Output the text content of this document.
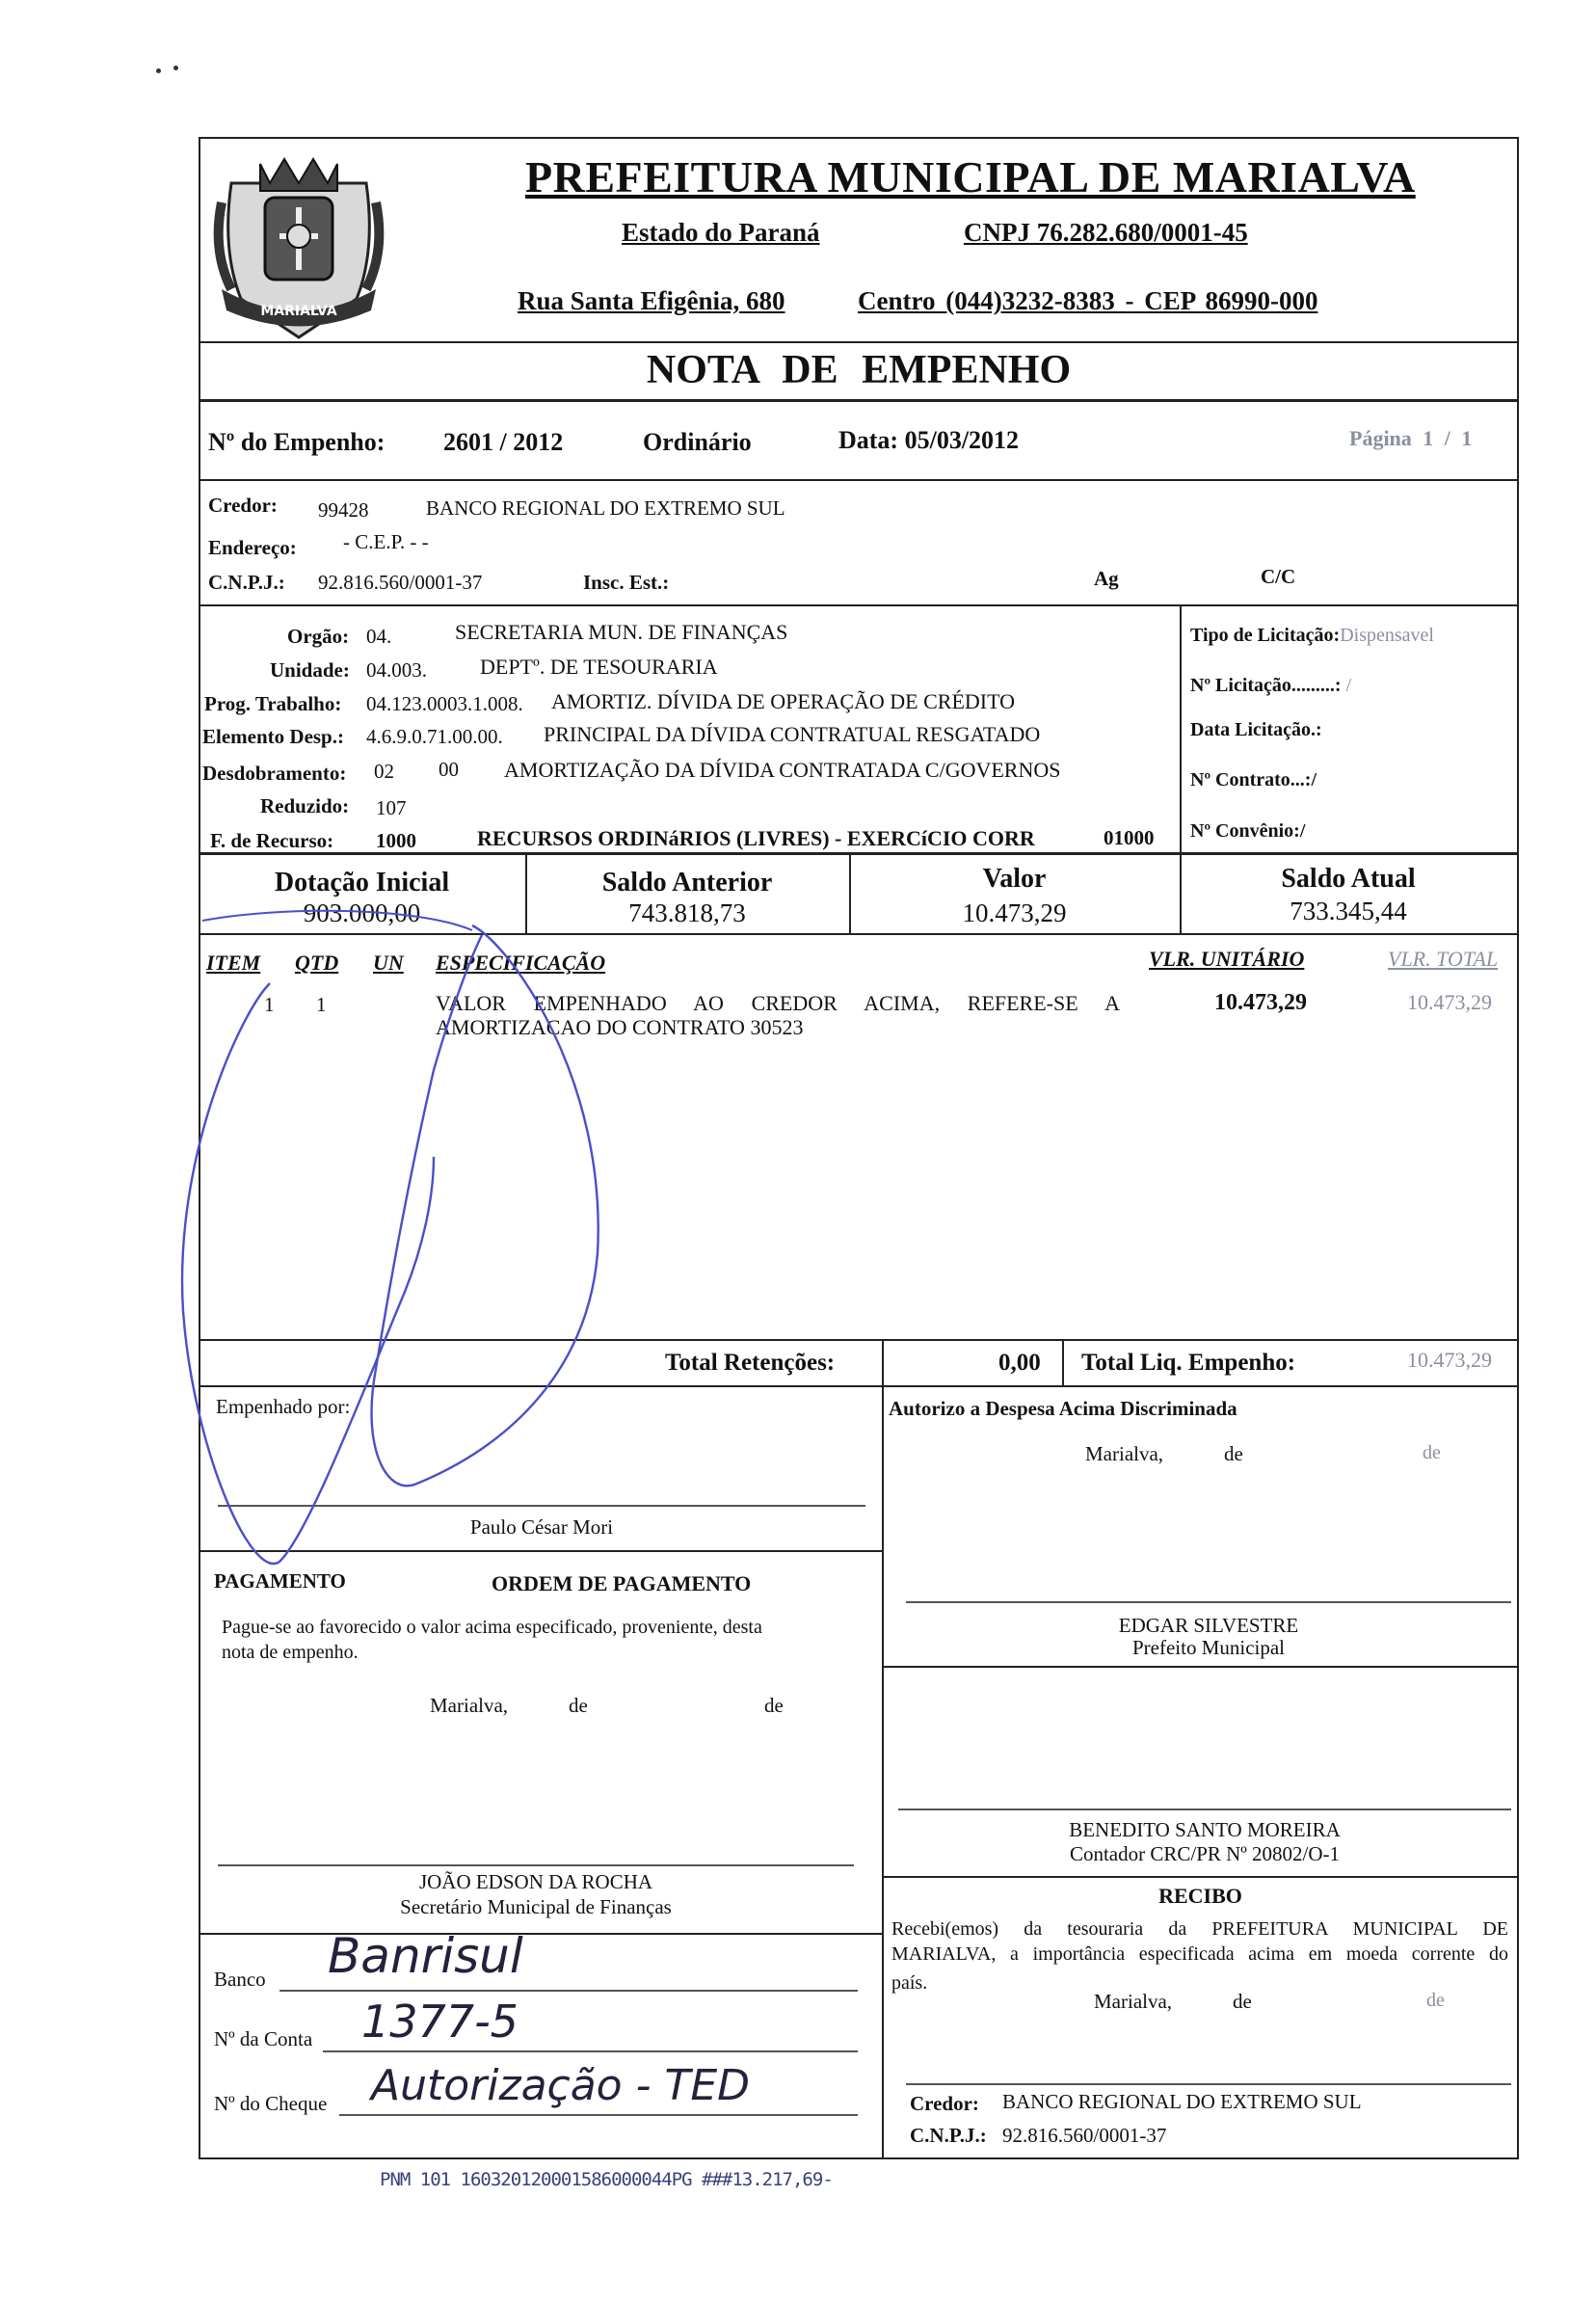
MARIALVA
PREFEITURA MUNICIPAL DE MARIALVA
Estado do Paraná	CNPJ 76.282.680/0001-45
Rua Santa Efigênia, 680	Centro (044)3232-8383 - CEP 86990-000
NOTA DE EMPENHO
Nº do Empenho: 2601 / 2012	Ordinário	Data: 05/03/2012	Página 1 / 1
Credor: 99428	BANCO REGIONAL DO EXTREMO SUL
Endereço: - C.E.P. - -
C.N.P.J.: 92.816.560/0001-37	Insc. Est.:	Ag	C/C
Orgão: 04.	SECRETARIA MUN. DE FINANÇAS
Unidade: 04.003.	DEPTº. DE TESOURARIA
Prog. Trabalho: 04.123.0003.1.008. AMORTIZ. DÍVIDA DE OPERAÇÃO DE CRÉDITO
Elemento Desp.: 4.6.9.0.71.00.00. PRINCIPAL DA DÍVIDA CONTRATUAL RESGATADO
Desdobramento: 02 00 AMORTIZAÇÃO DA DÍVIDA CONTRATADA C/GOVERNOS
Reduzido: 107
F. de Recurso: 1000	RECURSOS ORDINáRIOS (LIVRES) - EXERCíCIO CORR	01000
Tipo de Licitação:Dispensavel
Nº Licitação.........: /
Data Licitação.:
Nº Contrato...:/
Nº Convênio:/
Dotação Inicial
903.000,00
Saldo Anterior
743.818,73
Valor
10.473,29
Saldo Atual
733.345,44
ITEM QTD UN ESPECIFICAÇÃO	VLR. UNITÁRIO	VLR. TOTAL
1 1	VALOR EMPENHADO AO CREDOR ACIMA, REFERE-SE A
AMORTIZACAO DO CONTRATO 30523
10.473,29	10.473,29
Total Retenções:	0,00 Total Liq. Empenho:	10.473,29
Empenhado por:
Paulo César Mori
PAGAMENTO	ORDEM DE PAGAMENTO
Pague-se ao favorecido o valor acima especificado, proveniente, desta
nota de empenho.
Marialva,	de	de
JOÃO EDSON DA ROCHA
Secretário Municipal de Finanças
Banco Banrisul
Nº da Conta 1377-5
Nº do Cheque Autorização - TED
Autorizo a Despesa Acima Discriminada
Marialva,	de	de
EDGAR SILVESTRE
Prefeito Municipal
BENEDITO SANTO MOREIRA
Contador CRC/PR Nº 20802/O-1
RECIBO
Recebi(emos) da tesouraria da PREFEITURA MUNICIPAL DE
MARIALVA, a importância especificada acima em moeda corrente do
país.
Marialva,	de	de
Credor: BANCO REGIONAL DO EXTREMO SUL
C.N.P.J.: 92.816.560/0001-37
PNM 101 160320120001586000044PG ###13.217,69-
